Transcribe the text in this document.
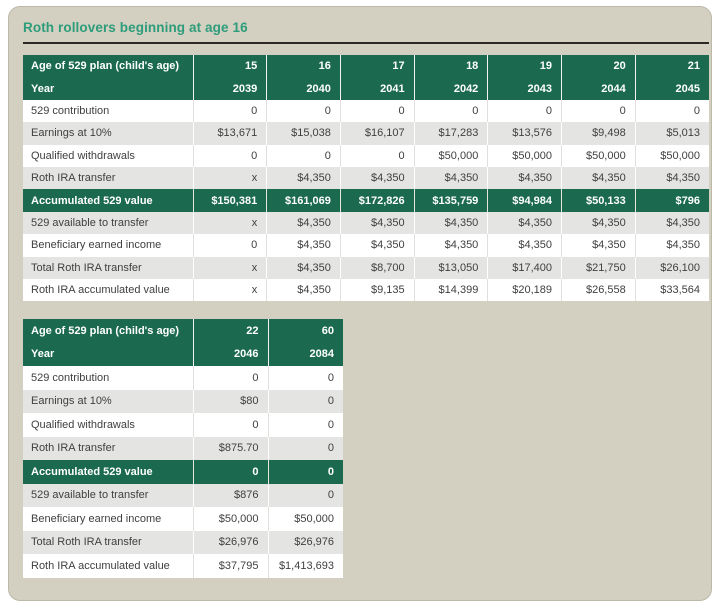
Roth rollovers beginning at age 16
Age of 529 plan (child's age)	15	16	17	18	19	20	21
Year	2039	2040	2041	2042	2043	2044	2045
529 contribution	0	0	0	0	0	0	0
Earnings at 10%	$13,671	$15,038	$16,107	$17,283	$13,576	$9,498	$5,013
Qualified withdrawals	0	0	0	$50,000	$50,000	$50,000	$50,000
Roth IRA transfer	x	$4,350	$4,350	$4,350	$4,350	$4,350	$4,350
Accumulated 529 value	$150,381	$161,069	$172,826	$135,759	$94,984	$50,133	$796
529 available to transfer	x	$4,350	$4,350	$4,350	$4,350	$4,350	$4,350
Beneficiary earned income	0	$4,350	$4,350	$4,350	$4,350	$4,350	$4,350
Total Roth IRA transfer	x	$4,350	$8,700	$13,050	$17,400	$21,750	$26,100
Roth IRA accumulated value	x	$4,350	$9,135	$14,399	$20,189	$26,558	$33,564
Age of 529 plan (child's age)	22	60
Year	2046	2084
529 contribution	0	0
Earnings at 10%	$80	0
Qualified withdrawals	0	0
Roth IRA transfer	$875.70	0
Accumulated 529 value	0	0
529 available to transfer	$876	0
Beneficiary earned income	$50,000	$50,000
Total Roth IRA transfer	$26,976	$26,976
Roth IRA accumulated value	$37,795	$1,413,693
